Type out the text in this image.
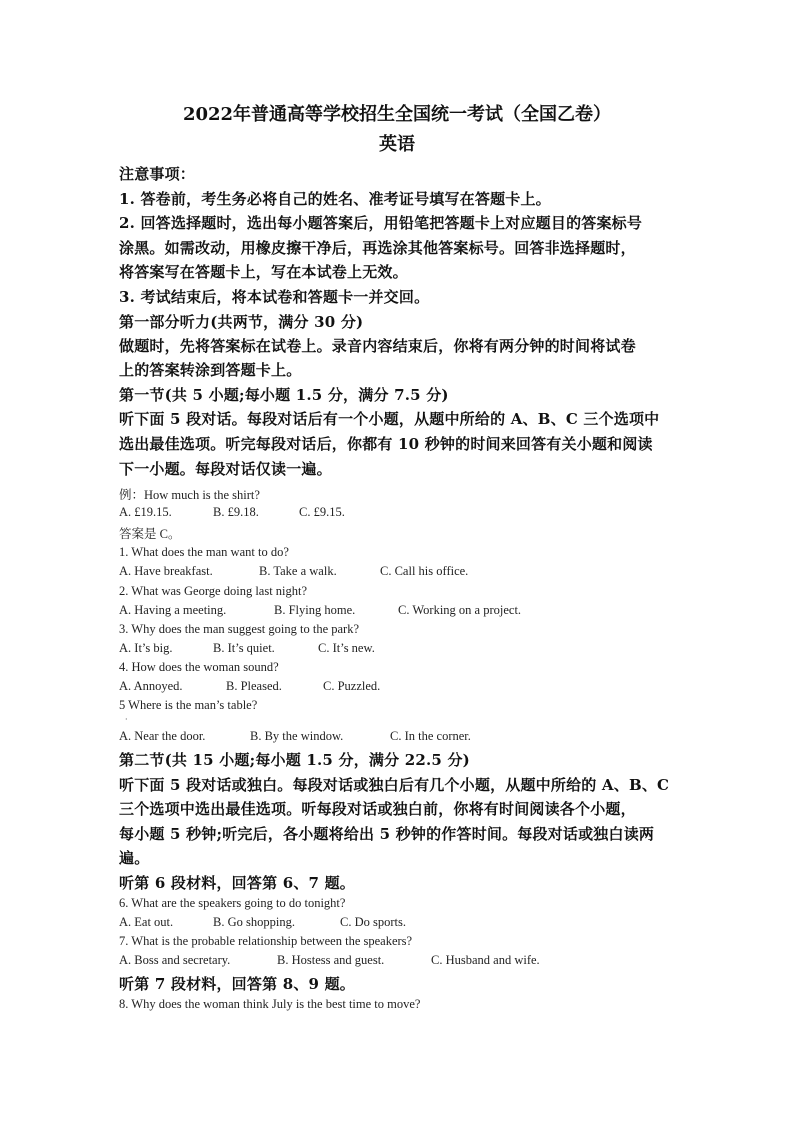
2022年普通高等学校招生全国统一考试（全国乙卷）
英语
注意事项：
1. 答卷前，考生务必将自己的姓名、准考证号填写在答题卡上。
2. 回答选择题时，选出每小题答案后，用铅笔把答题卡上对应题目的答案标号
涂黑。如需改动，用橡皮擦干净后，再选涂其他答案标号。回答非选择题时，
将答案写在答题卡上，写在本试卷上无效。
3. 考试结束后，将本试卷和答题卡一并交回。
第一部分听力(共两节，满分 30 分)
做题时，先将答案标在试卷上。录音内容结束后，你将有两分钟的时间将试卷
上的答案转涂到答题卡上。
第一节(共 5 小题;每小题 1.5 分，满分 7.5 分)
听下面 5 段对话。每段对话后有一个小题，从题中所给的 A、B、C 三个选项中
选出最佳选项。听完每段对话后，你都有 10 秒钟的时间来回答有关小题和阅读
下一小题。每段对话仅读一遍。
例：How much is the shirt?
A. £19.15.	B. £9.18.	C. £9.15.
答案是 C。
1. What does the man want to do?
A. Have breakfast.	B. Take a walk.	C. Call his office.
2. What was George doing last night?
A. Having a meeting.	B. Flying home.	C. Working on a project.
3. Why does the man suggest going to the park?
A. It’s big.	B. It’s quiet.	C. It’s new.
4. How does the woman sound?
A. Annoyed.	B. Pleased.	C. Puzzled.
5 Where is the man’s table?
·
A. Near the door.	B. By the window.	C. In the corner.
第二节(共 15 小题;每小题 1.5 分，满分 22.5 分)
听下面 5 段对话或独白。每段对话或独白后有几个小题，从题中所给的 A、B、C
三个选项中选出最佳选项。听每段对话或独白前，你将有时间阅读各个小题，
每小题 5 秒钟;听完后，各小题将给出 5 秒钟的作答时间。每段对话或独白读两
遍。
听第 6 段材料，回答第 6、7 题。
6. What are the speakers going to do tonight?
A. Eat out.	B. Go shopping.	C. Do sports.
7. What is the probable relationship between the speakers?
A. Boss and secretary.	B. Hostess and guest.	C. Husband and wife.
听第 7 段材料，回答第 8、9 题。
8. Why does the woman think July is the best time to move?
